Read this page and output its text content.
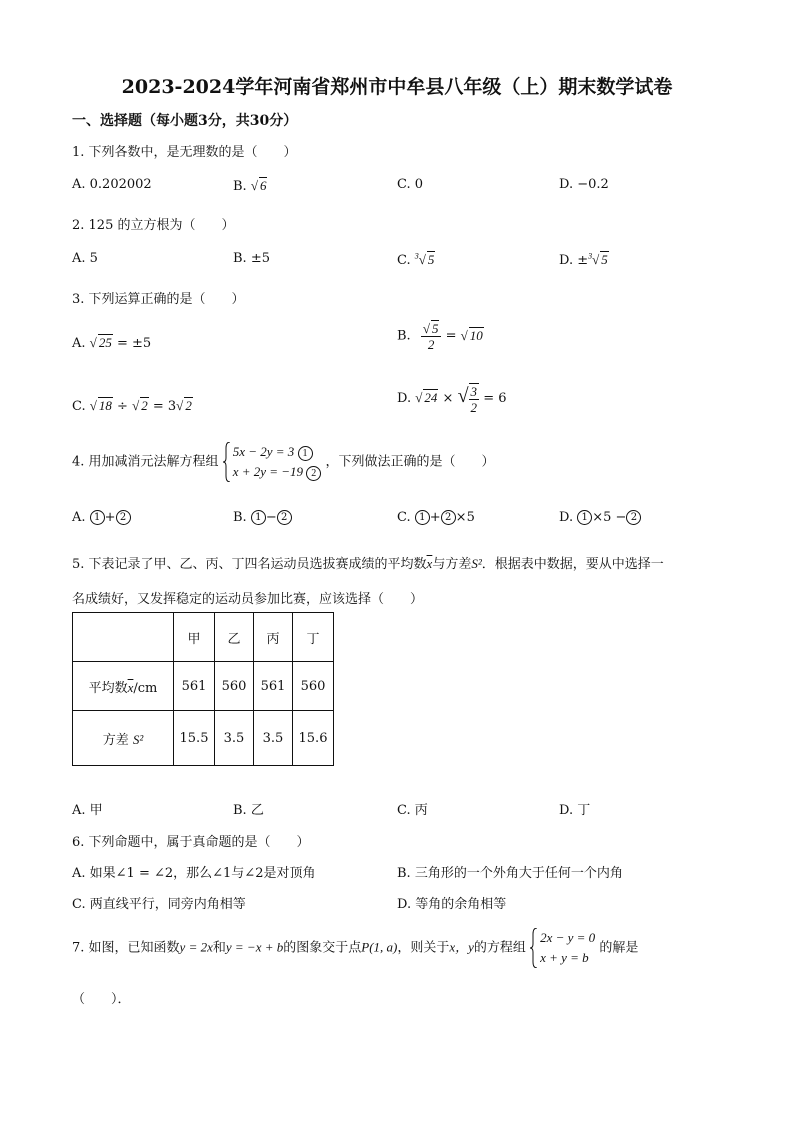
2023-2024学年河南省郑州市中牟县八年级（上）期末数学试卷
一、选择题（每小题3分，共30分）
1. 下列各数中，是无理数的是（　　）
A. 0.202002	B. √ 6	C. 0	D. −0.2
2. 125 的立方根为（　　）
A. 5	B. ±5	C. $^3$√ 5	D. ±$^3$√ 5
3. 下列运算正确的是（　　）
A. √ 25 = ±5	B. $\frac{√ 5}{2}$ = √ 10
C. √ 18 ÷ √ 2 = 3√ 2	D. √ 24 × √ $\frac{3}{2} = 6$
4. 用加减消元法解方程组
5x − 2y = 3 1
x + 2y = −19 2
，下列做法正确的是（　　）
A. 1 + 2	B. 1 − 2	C. 1 + 2 ×5	D. 1 ×5 − 2
5. 下表记录了甲、乙、丙、丁四名运动员选拔赛成绩的平均数$\overline{x}$与方差S²．根据表中数据，要从中选择一
名成绩好，又发挥稳定的运动员参加比赛，应该选择（　　）
	甲	乙	丙	丁
平均数$\overline{x}/cm$	561	560	561	560
方差 S²	15.5	3.5	3.5	15.6
A. 甲	B. 乙	C. 丙	D. 丁
6. 下列命题中，属于真命题的是（　　）
A. 如果∠1 = ∠2，那么∠1与∠2是对顶角	B. 三角形的一个外角大于任何一个内角
C. 两直线平行，同旁内角相等	D. 等角的余角相等
7. 如图，已知函数y = 2x和y = −x + b的图象交于点P(1, a)，则关于x，y的方程组
2x − y = 0
x + y = b
的解是
（　　）．
